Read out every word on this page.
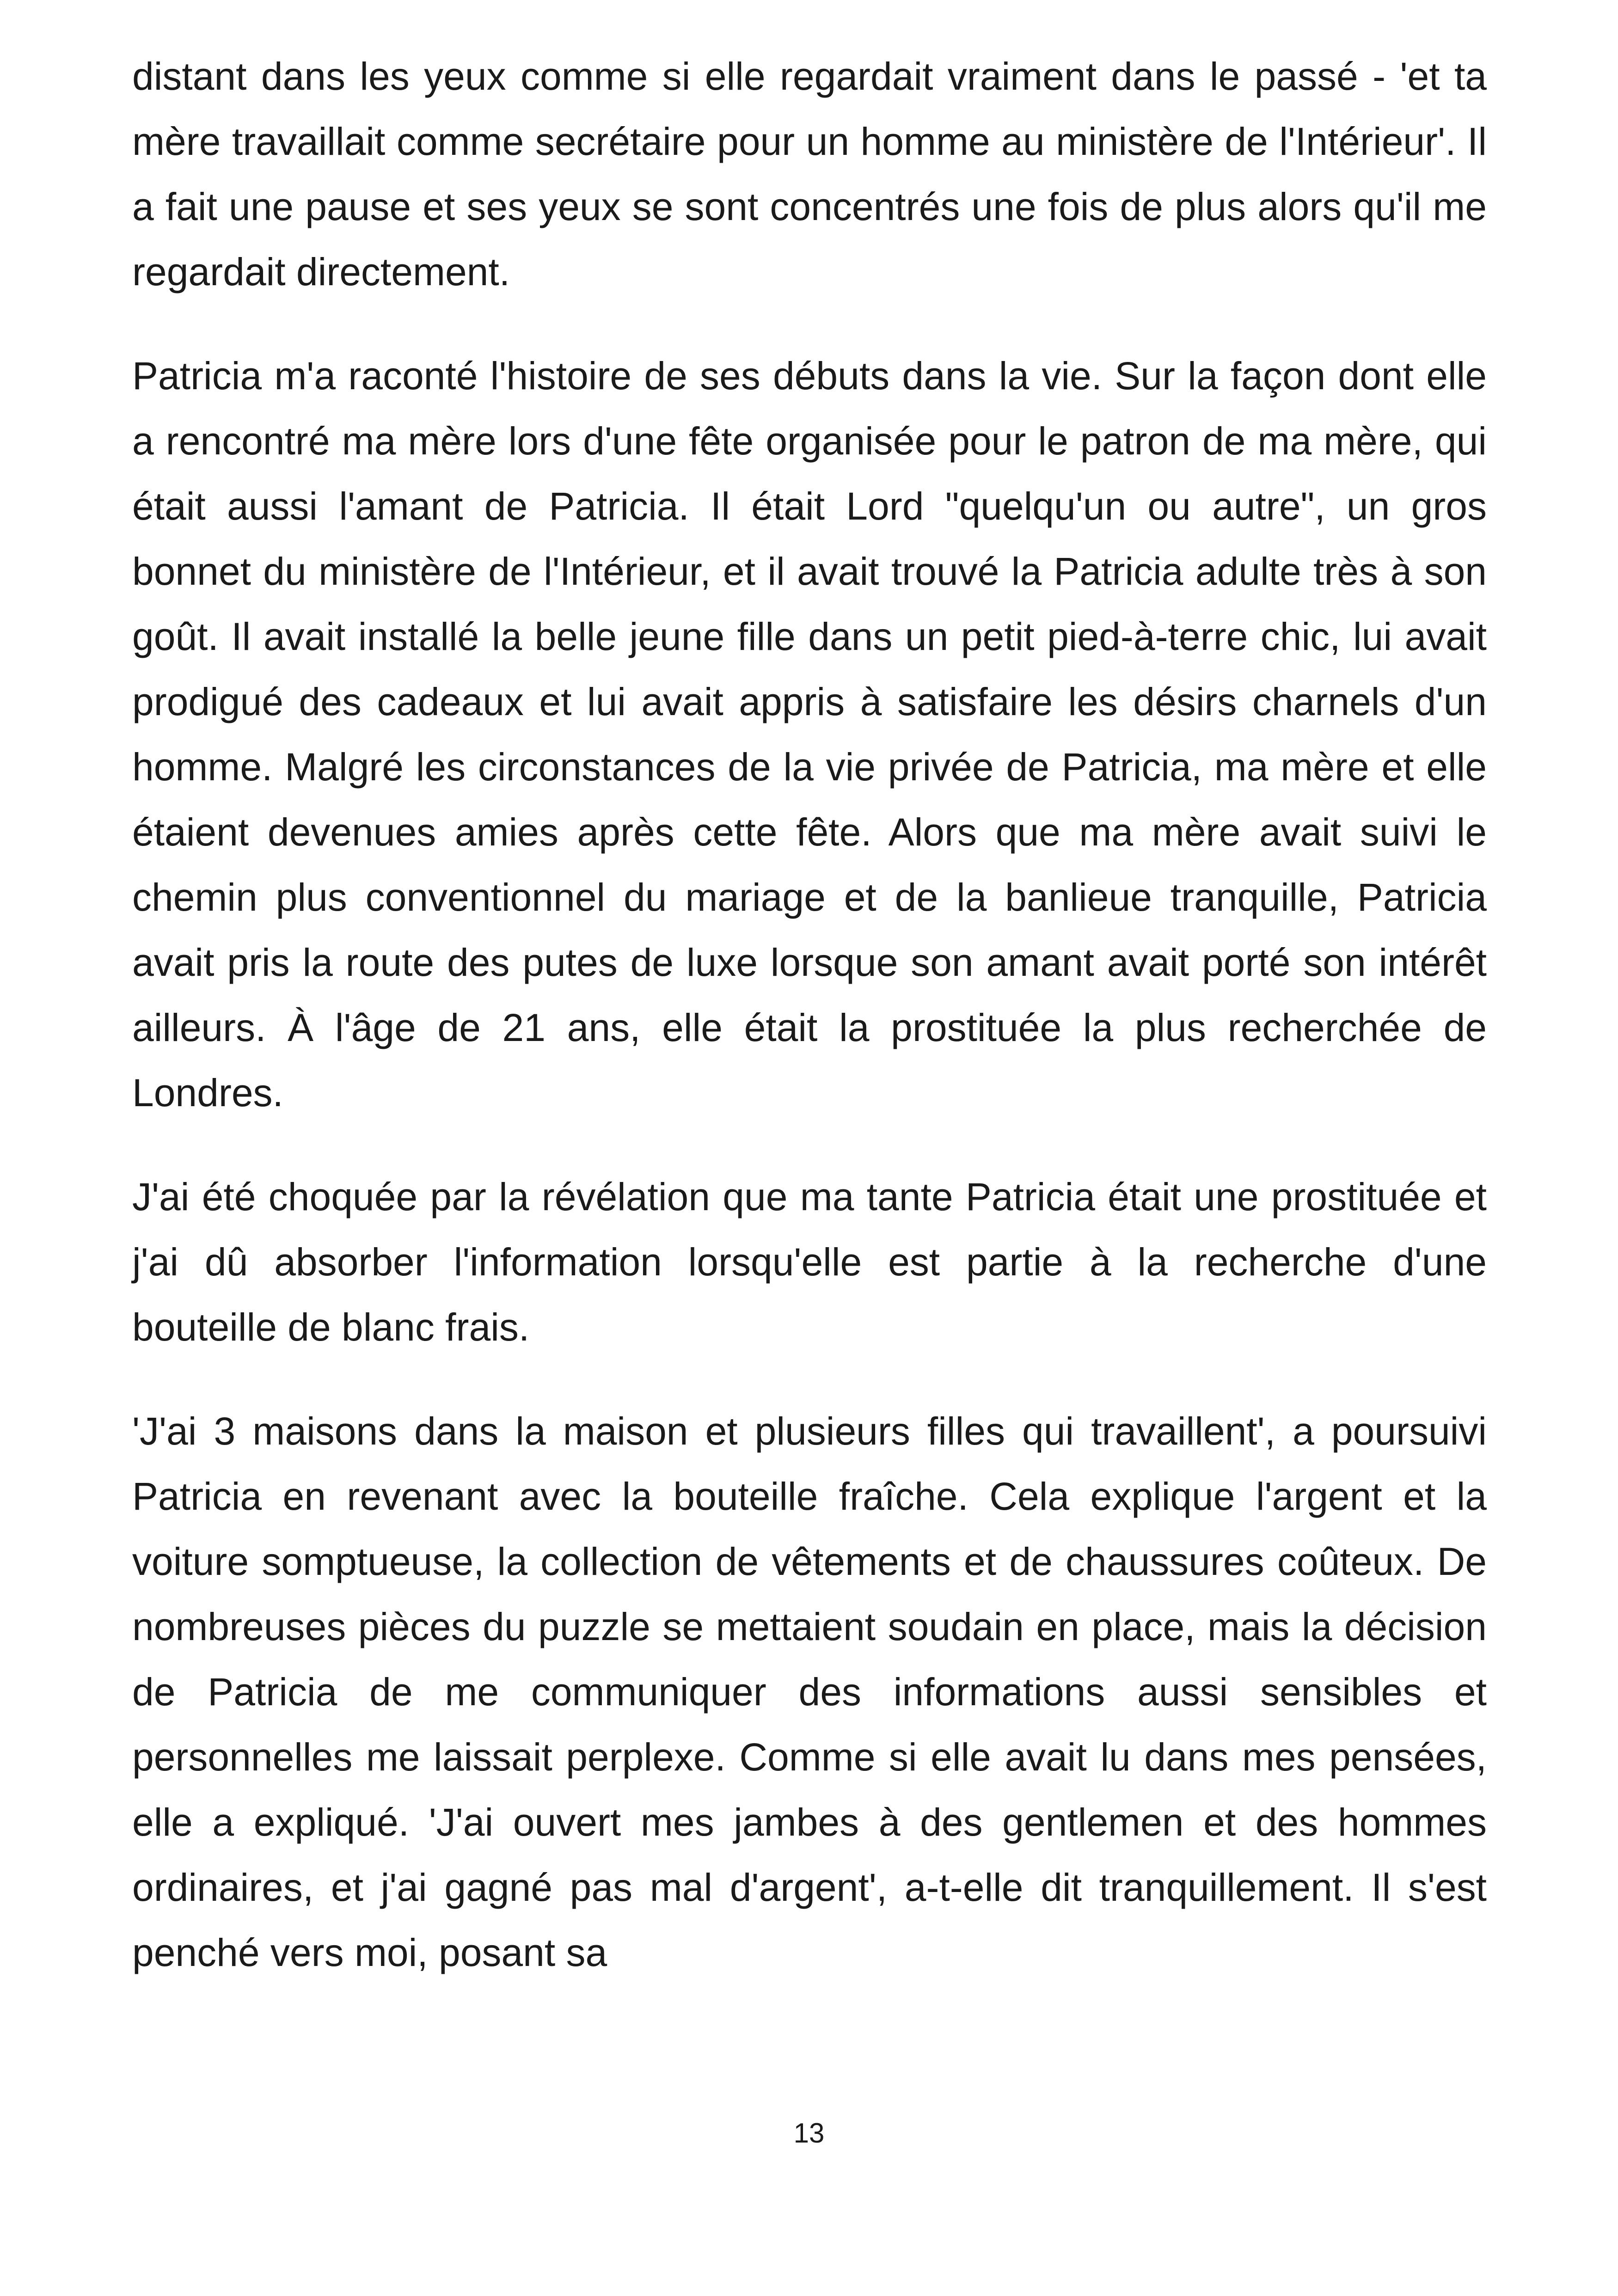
distant dans les yeux comme si elle regardait vraiment dans le passé - 'et ta mère travaillait comme secrétaire pour un homme au ministère de l'Intérieur'. Il a fait une pause et ses yeux se sont concentrés une fois de plus alors qu'il me regardait directement.

Patricia m'a raconté l'histoire de ses débuts dans la vie. Sur la façon dont elle a rencontré ma mère lors d'une fête organisée pour le patron de ma mère, qui était aussi l'amant de Patricia. Il était Lord "quelqu'un ou autre", un gros bonnet du ministère de l'Intérieur, et il avait trouvé la Patricia adulte très à son goût. Il avait installé la belle jeune fille dans un petit pied-à-terre chic, lui avait prodigué des cadeaux et lui avait appris à satisfaire les désirs charnels d'un homme. Malgré les circonstances de la vie privée de Patricia, ma mère et elle étaient devenues amies après cette fête. Alors que ma mère avait suivi le chemin plus conventionnel du mariage et de la banlieue tranquille, Patricia avait pris la route des putes de luxe lorsque son amant avait porté son intérêt ailleurs. À l'âge de 21 ans, elle était la prostituée la plus recherchée de Londres.

J'ai été choquée par la révélation que ma tante Patricia était une prostituée et j'ai dû absorber l'information lorsqu'elle est partie à la recherche d'une bouteille de blanc frais.

'J'ai 3 maisons dans la maison et plusieurs filles qui travaillent', a poursuivi Patricia en revenant avec la bouteille fraîche. Cela explique l'argent et la voiture somptueuse, la collection de vêtements et de chaussures coûteux. De nombreuses pièces du puzzle se mettaient soudain en place, mais la décision de Patricia de me communiquer des informations aussi sensibles et personnelles me laissait perplexe. Comme si elle avait lu dans mes pensées, elle a expliqué. 'J'ai ouvert mes jambes à des gentlemen et des hommes ordinaires, et j'ai gagné pas mal d'argent', a-t-elle dit tranquillement. Il s'est penché vers moi, posant sa

13
